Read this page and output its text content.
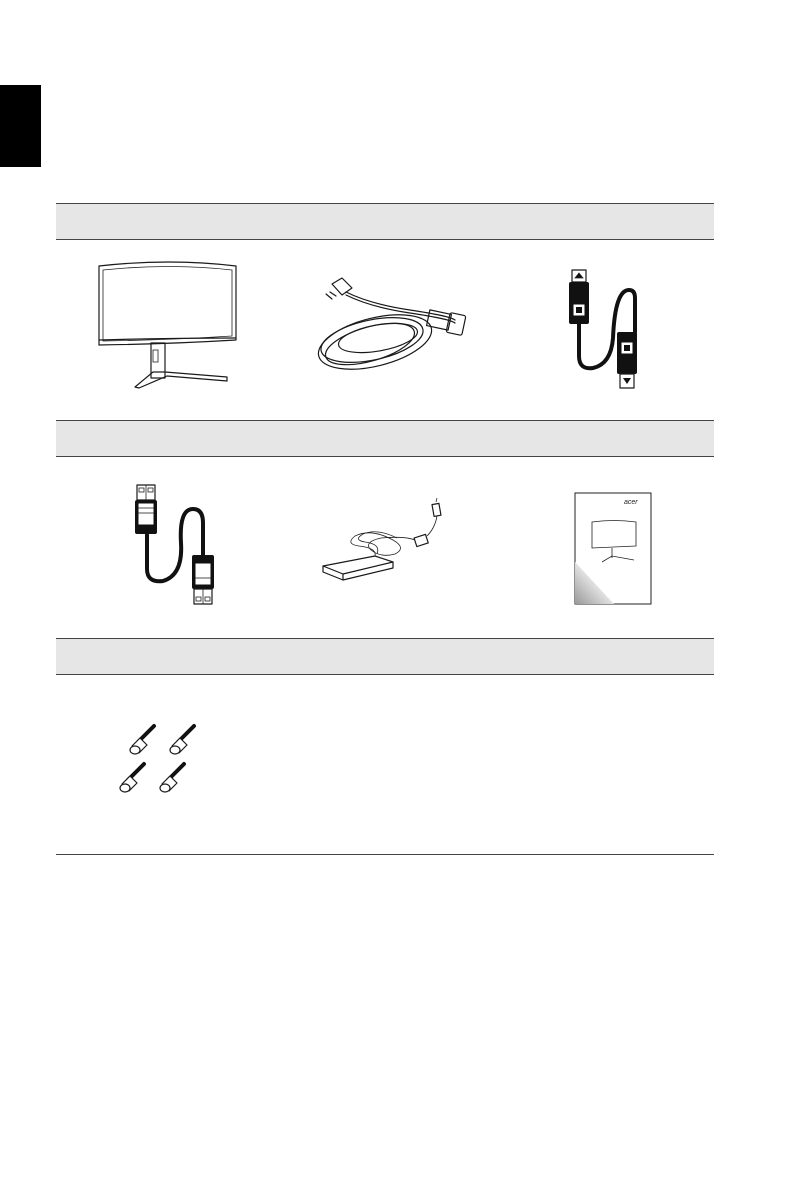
acer
